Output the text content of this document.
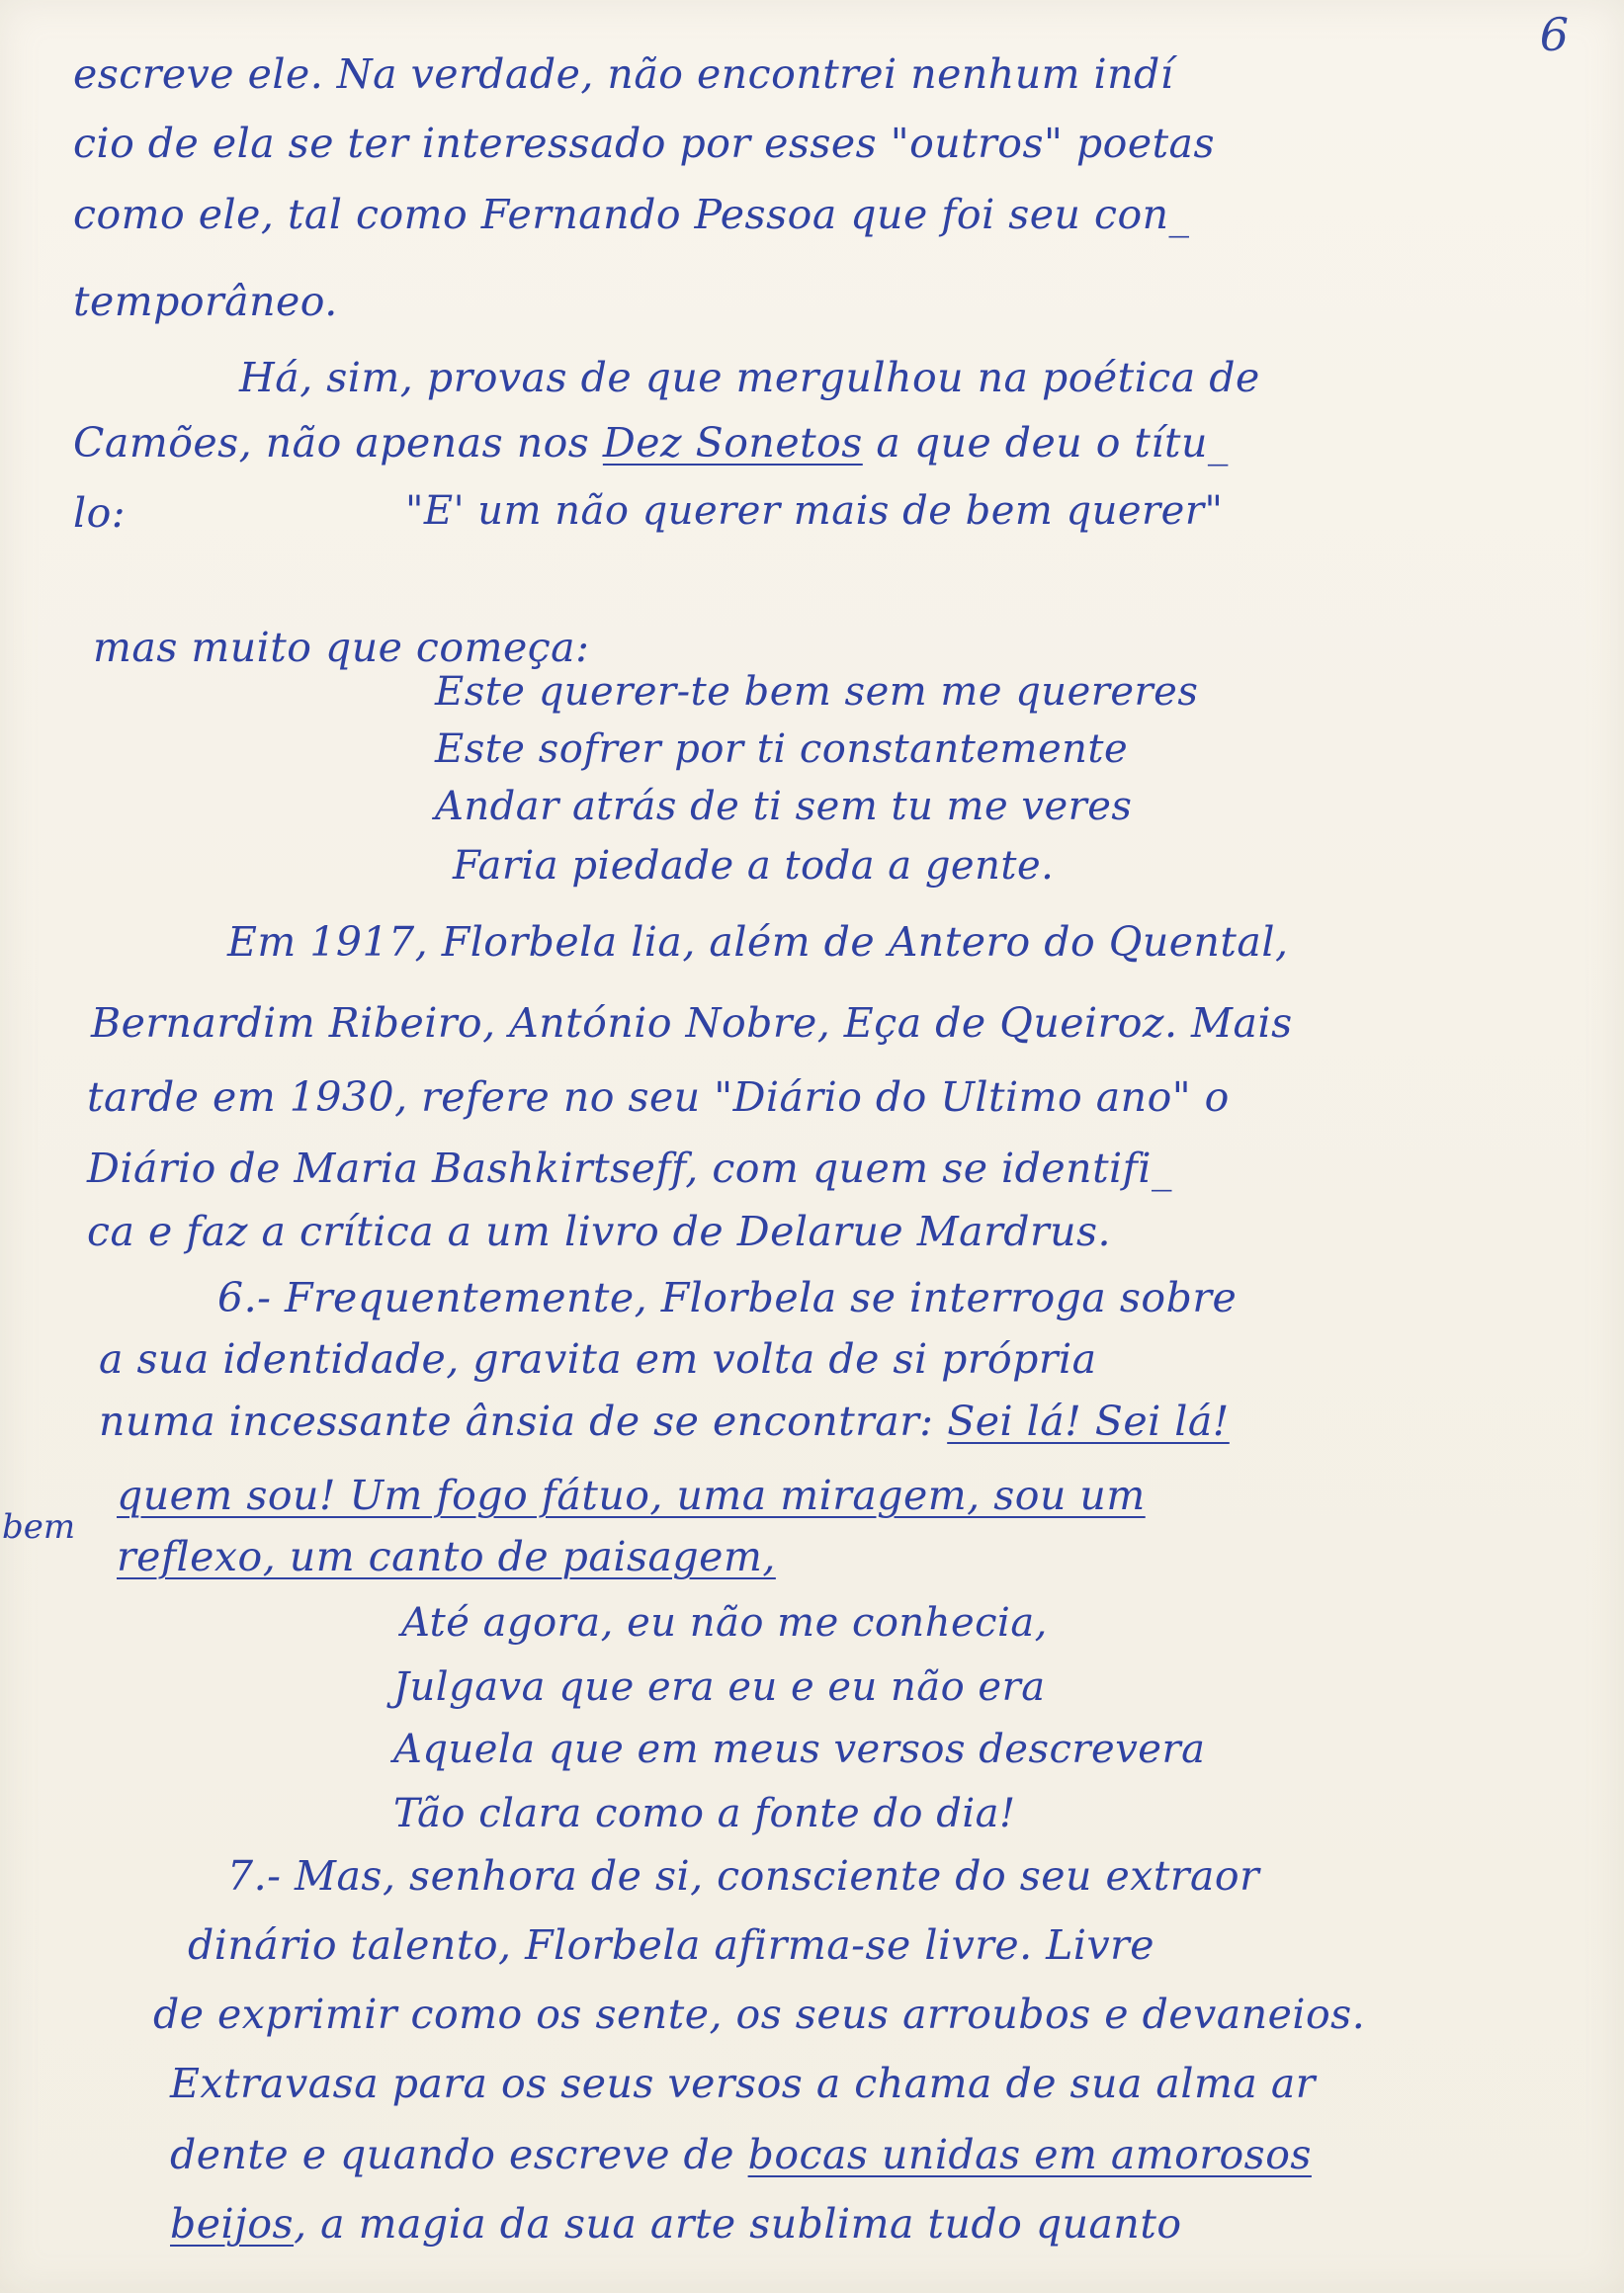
6
escreve ele. Na verdade, não encontrei nenhum indí
cio de ela se ter interessado por esses "outros" poetas
como ele, tal como Fernando Pessoa que foi seu con_
temporâneo.
Há, sim, provas de que mergulhou na poética de
Camões, não apenas nos Dez Sonetos a que deu o títu_
lo:	"E' um não querer mais de bem querer"
mas muito que começa:
Este querer-te bem sem me quereres
Este sofrer por ti constantemente
Andar atrás de ti sem tu me veres
Faria piedade a toda a gente.
Em 1917, Florbela lia, além de Antero do Quental,
Bernardim Ribeiro, António Nobre, Eça de Queiroz. Mais
tarde em 1930, refere no seu "Diário do Ultimo ano" o
Diário de Maria Bashkirtseff, com quem se identifi_
ca e faz a crítica a um livro de Delarue Mardrus.
6.- Frequentemente, Florbela se interroga sobre
a sua identidade, gravita em volta de si própria
numa incessante ânsia de se encontrar: Sei lá! Sei lá!
bem
quem sou! Um fogo fátuo, uma miragem, sou um
reflexo, um canto de paisagem,
Até agora, eu não me conhecia,
Julgava que era eu e eu não era
Aquela que em meus versos descrevera
Tão clara como a fonte do dia!
7.- Mas, senhora de si, consciente do seu extraor
dinário talento, Florbela afirma-se livre. Livre
de exprimir como os sente, os seus arroubos e devaneios.
Extravasa para os seus versos a chama de sua alma ar
dente e quando escreve de bocas unidas em amorosos
beijos, a magia da sua arte sublima tudo quanto
